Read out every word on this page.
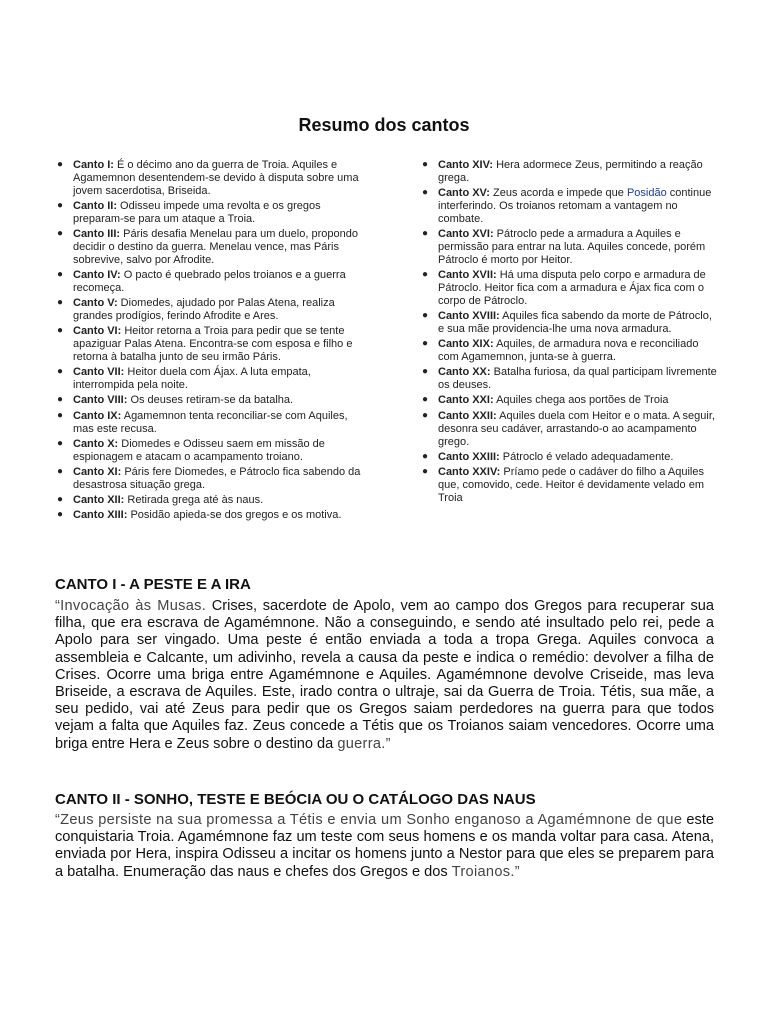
Resumo dos cantos
● Canto I: É o décimo ano da guerra de Troia. Aquiles e Agamemnon desentendem-se devido à disputa sobre uma jovem sacerdotisa, Briseida.
● Canto II: Odisseu impede uma revolta e os gregos preparam-se para um ataque a Troia.
● Canto III: Páris desafia Menelau para um duelo, propondo decidir o destino da guerra. Menelau vence, mas Páris sobrevive, salvo por Afrodite.
● Canto IV: O pacto é quebrado pelos troianos e a guerra recomeça.
● Canto V: Diomedes, ajudado por Palas Atena, realiza grandes prodígios, ferindo Afrodite e Ares.
● Canto VI: Heitor retorna a Troia para pedir que se tente apaziguar Palas Atena. Encontra-se com esposa e filho e retorna à batalha junto de seu irmão Páris.
● Canto VII: Heitor duela com Ájax. A luta empata, interrompida pela noite.
● Canto VIII: Os deuses retiram-se da batalha.
● Canto IX: Agamemnon tenta reconciliar-se com Aquiles, mas este recusa.
● Canto X: Diomedes e Odisseu saem em missão de espionagem e atacam o acampamento troiano.
● Canto XI: Páris fere Diomedes, e Pátroclo fica sabendo da desastrosa situação grega.
● Canto XII: Retirada grega até às naus.
● Canto XIII: Posidão apieda-se dos gregos e os motiva.
● Canto XIV: Hera adormece Zeus, permitindo a reação grega.
● Canto XV: Zeus acorda e impede que Posidão continue interferindo. Os troianos retomam a vantagem no combate.
● Canto XVI: Pátroclo pede a armadura a Aquiles e permissão para entrar na luta. Aquiles concede, porém Pátroclo é morto por Heitor.
● Canto XVII: Há uma disputa pelo corpo e armadura de Pátroclo. Heitor fica com a armadura e Ájax fica com o corpo de Pátroclo.
● Canto XVIII: Aquiles fica sabendo da morte de Pátroclo, e sua mãe providencia-lhe uma nova armadura.
● Canto XIX: Aquiles, de armadura nova e reconciliado com Agamemnon, junta-se à guerra.
● Canto XX: Batalha furiosa, da qual participam livremente os deuses.
● Canto XXI: Aquiles chega aos portões de Troia
● Canto XXII: Aquiles duela com Heitor e o mata. A seguir, desonra seu cadáver, arrastando-o ao acampamento grego.
● Canto XXIII: Pátroclo é velado adequadamente.
● Canto XXIV: Príamo pede o cadáver do filho a Aquiles que, comovido, cede. Heitor é devidamente velado em Troia
CANTO I - A PESTE E A IRA

“Invocação às Musas. Crises, sacerdote de Apolo, vem ao campo dos Gregos para recuperar sua filha, que era escrava de Agamémnone. Não a conseguindo, e sendo até insultado pelo rei, pede a Apolo para ser vingado. Uma peste é então enviada a toda a tropa Grega. Aquiles convoca a assembleia e Calcante, um adivinho, revela a causa da peste e indica o remédio: devolver a filha de Crises. Ocorre uma briga entre Agamémnone e Aquiles. Agamémnone devolve Criseide, mas leva Briseide, a escrava de Aquiles. Este, irado contra o ultraje, sai da Guerra de Troia. Tétis, sua mãe, a seu pedido, vai até Zeus para pedir que os Gregos saiam perdedores na guerra para que todos vejam a falta que Aquiles faz. Zeus concede a Tétis que os Troianos saiam vencedores. Ocorre uma briga entre Hera e Zeus sobre o destino da guerra.”

CANTO II - SONHO, TESTE E BEÓCIA OU O CATÁLOGO DAS NAUS

“Zeus persiste na sua promessa a Tétis e envia um Sonho enganoso a Agamémnone de que este conquistaria Troia. Agamémnone faz um teste com seus homens e os manda voltar para casa. Atena, enviada por Hera, inspira Odisseu a incitar os homens junto a Nestor para que eles se preparem para a batalha. Enumeração das naus e chefes dos Gregos e dos Troianos.”
